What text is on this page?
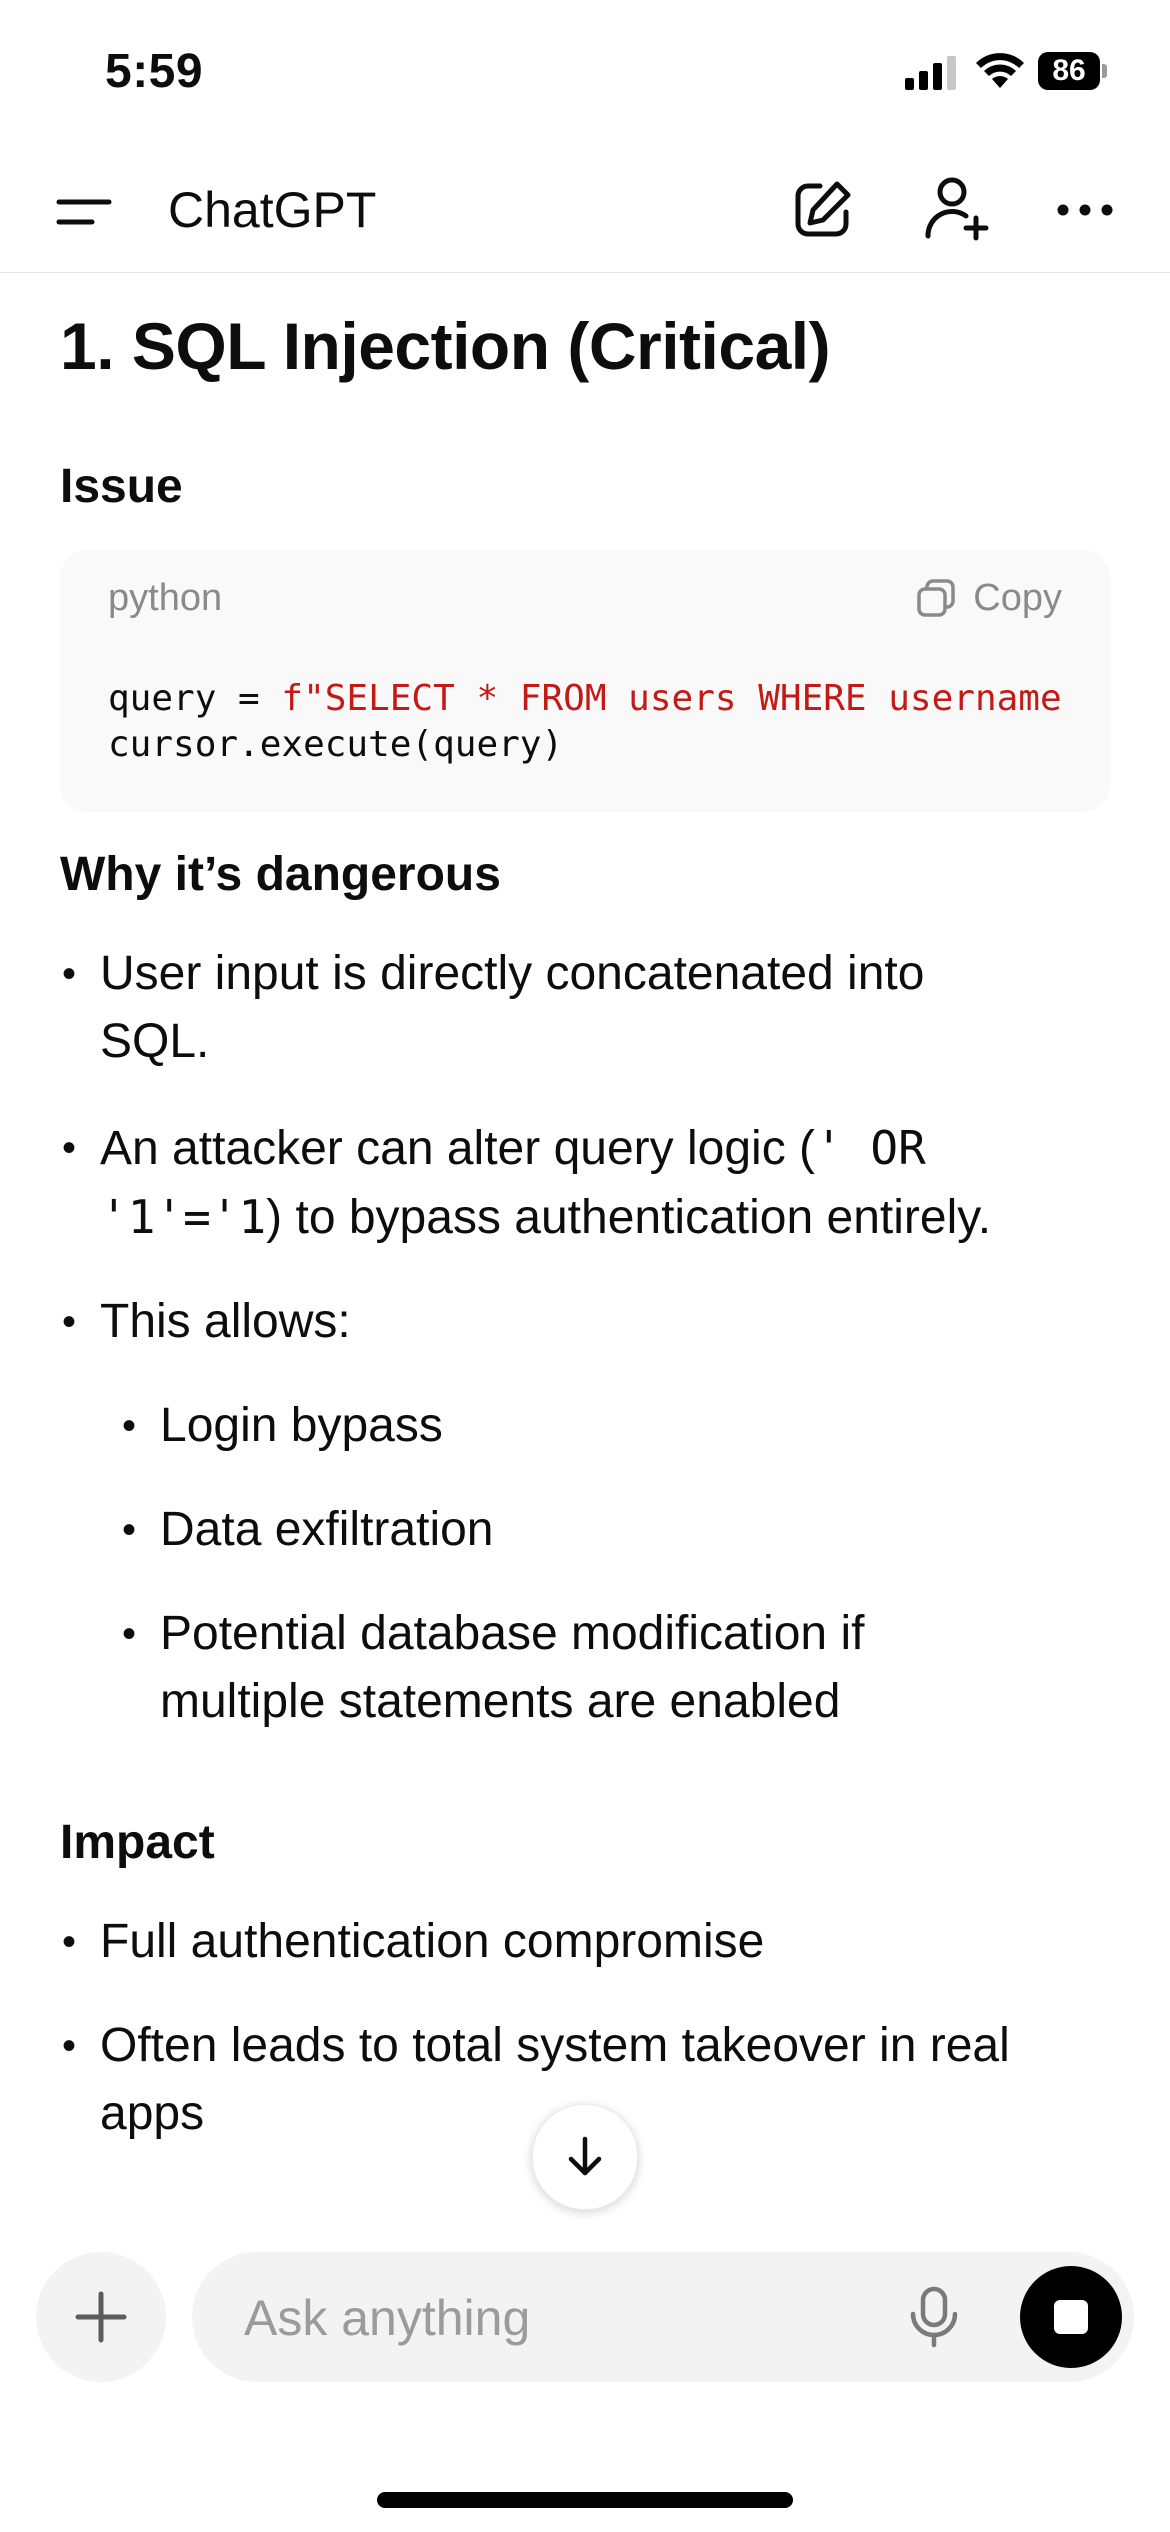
5:59	86
ChatGPT
1. SQL Injection (Critical)
Issue
python	Copy
query = f"SELECT * FROM users WHERE username
cursor.execute(query)
Why it’s dangerous
• User input is directly concatenated into
SQL.
• An attacker can alter query logic (' OR
'1'='1) to bypass authentication entirely.
• This allows:
• Login bypass
• Data exfiltration
• Potential database modification if
multiple statements are enabled
Impact
• Full authentication compromise
• Often leads to total system takeover in real
apps
Ask anything
